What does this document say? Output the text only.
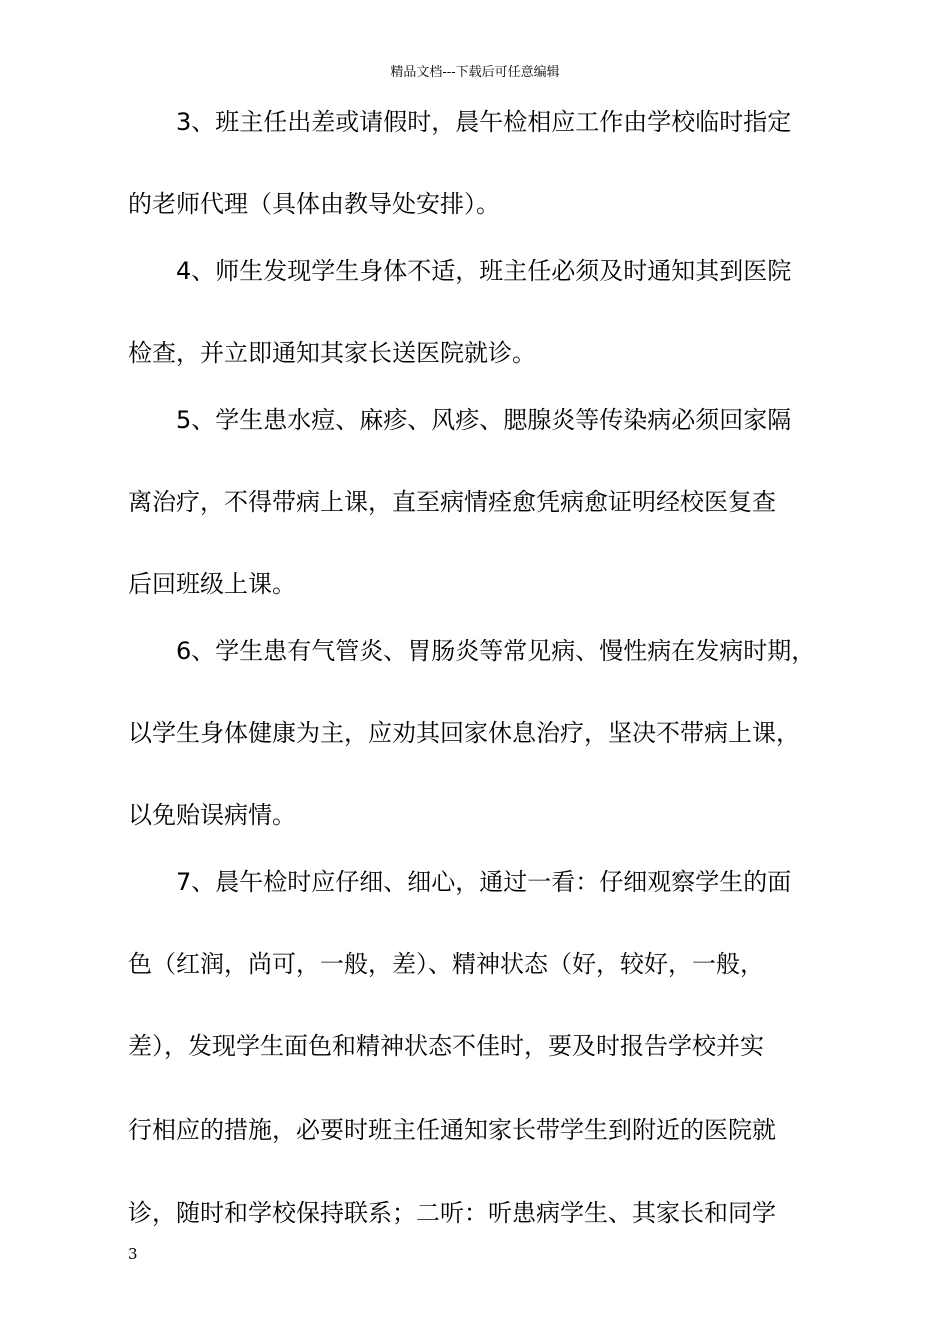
精品文档---下载后可任意编辑
　　3、班主任出差或请假时，晨午检相应工作由学校临时指定
的老师代理（具体由教导处安排）。
　　4、师生发现学生身体不适，班主任必须及时通知其到医院
检查，并立即通知其家长送医院就诊。
　　5、学生患水痘、麻疹、风疹、腮腺炎等传染病必须回家隔
离治疗，不得带病上课，直至病情痊愈凭病愈证明经校医复查
后回班级上课。
　　6、学生患有气管炎、胃肠炎等常见病、慢性病在发病时期，
以学生身体健康为主，应劝其回家休息治疗，坚决不带病上课，
以免贻误病情。
　　7、晨午检时应仔细、细心，通过一看：仔细观察学生的面
色（红润，尚可，一般，差）、精神状态（好，较好，一般，
差），发现学生面色和精神状态不佳时，要及时报告学校并实
行相应的措施，必要时班主任通知家长带学生到附近的医院就
诊，随时和学校保持联系；二听：听患病学生、其家长和同学
3
